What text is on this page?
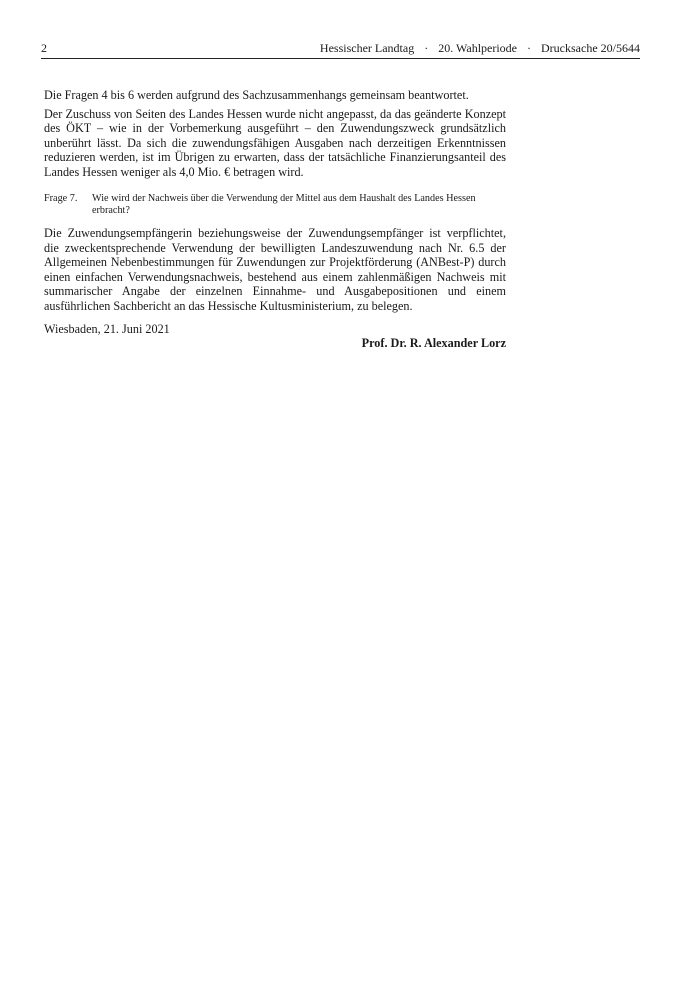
2	Hessischer Landtag · 20. Wahlperiode · Drucksache 20/5644

Die Fragen 4 bis 6 werden aufgrund des Sachzusammenhangs gemeinsam beantwortet.

Der Zuschuss von Seiten des Landes Hessen wurde nicht angepasst, da das geänderte Konzept des ÖKT – wie in der Vorbemerkung ausgeführt – den Zuwendungszweck grundsätzlich unberührt lässt. Da sich die zuwendungsfähigen Ausgaben nach derzeitigen Erkenntnissen reduzieren werden, ist im Übrigen zu erwarten, dass der tatsächliche Finanzierungsanteil des Landes Hessen weniger als 4,0 Mio. € betragen wird.

Frage 7.	Wie wird der Nachweis über die Verwendung der Mittel aus dem Haushalt des Landes Hessen erbracht?

Die Zuwendungsempfängerin beziehungsweise der Zuwendungsempfänger ist verpflichtet, die zweckentsprechende Verwendung der bewilligten Landeszuwendung nach Nr. 6.5 der Allgemeinen Nebenbestimmungen für Zuwendungen zur Projektförderung (ANBest-P) durch einen einfachen Verwendungsnachweis, bestehend aus einem zahlenmäßigen Nachweis mit summarischer Angabe der einzelnen Einnahme- und Ausgabepositionen und einem ausführlichen Sachbericht an das Hessische Kultusministerium, zu belegen.

Wiesbaden, 21. Juni 2021
Prof. Dr. R. Alexander Lorz
